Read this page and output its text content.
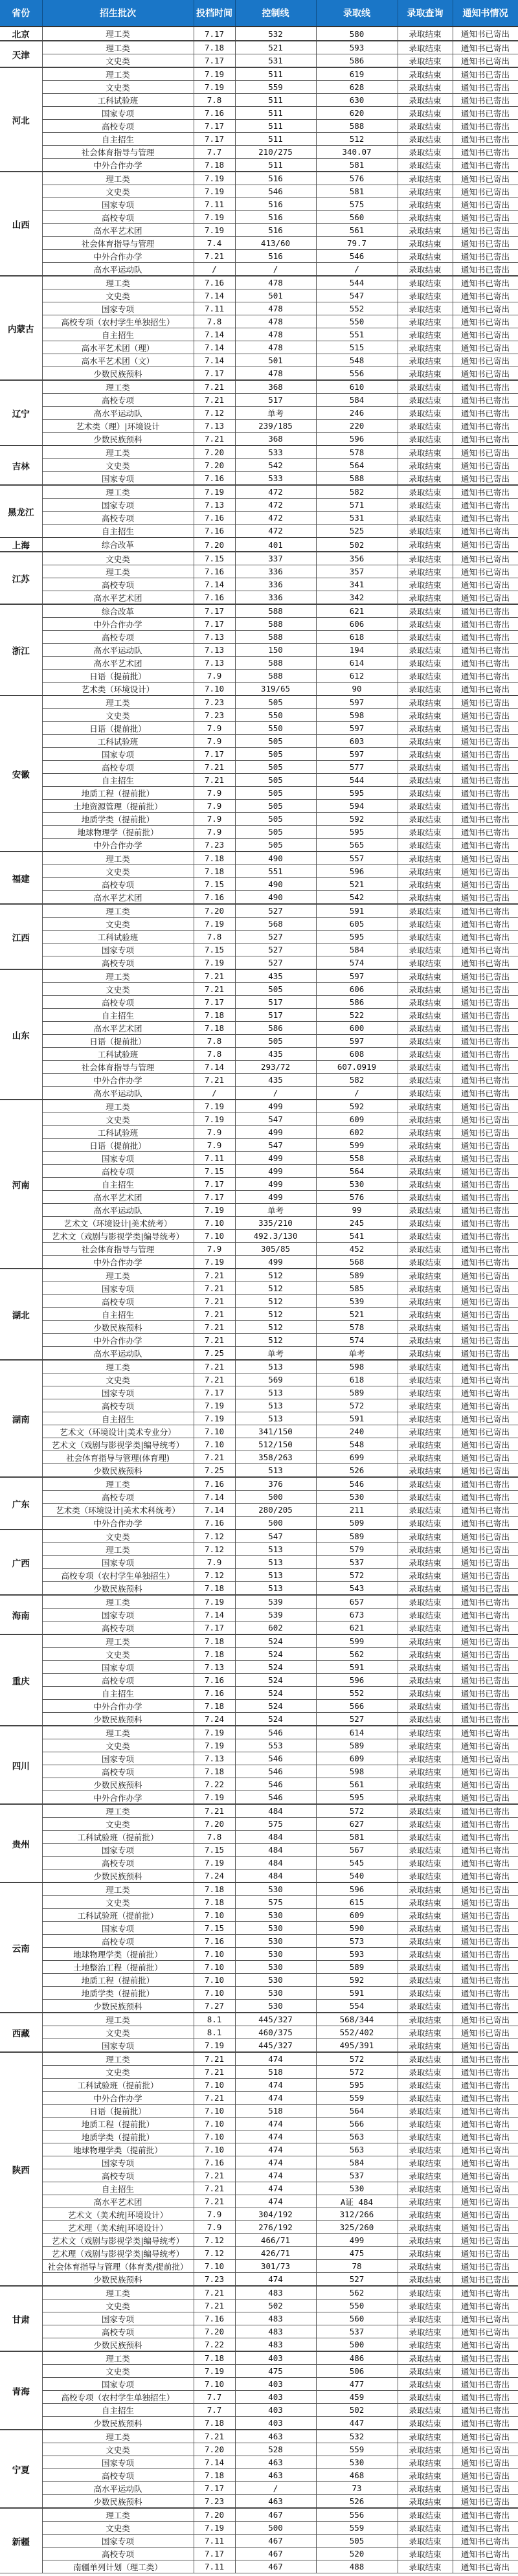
省份	招生批次	投档时间	控制线	录取线	录取查询	通知书情况
北京	理工类	7.17	532	580	录取结束	通知书已寄出
天津	理工类	7.18	521	593	录取结束	通知书已寄出
	文史类	7.17	531	586	录取结束	通知书已寄出
河北	理工类	7.19	511	619	录取结束	通知书已寄出
	文史类	7.19	559	628	录取结束	通知书已寄出
	工科试验班	7.8	511	630	录取结束	通知书已寄出
	国家专项	7.16	511	620	录取结束	通知书已寄出
	高校专项	7.17	511	588	录取结束	通知书已寄出
	自主招生	7.17	511	512	录取结束	通知书已寄出
	社会体育指导与管理	7.7	210/275	340.07	录取结束	通知书已寄出
	中外合作办学	7.18	511	581	录取结束	通知书已寄出
山西	理工类	7.19	516	576	录取结束	通知书已寄出
	文史类	7.19	546	581	录取结束	通知书已寄出
	国家专项	7.11	516	575	录取结束	通知书已寄出
	高校专项	7.19	516	560	录取结束	通知书已寄出
	高水平艺术团	7.19	516	561	录取结束	通知书已寄出
	社会体育指导与管理	7.4	413/60	79.7	录取结束	通知书已寄出
	中外合作办学	7.21	516	546	录取结束	通知书已寄出
	高水平运动队	/	/	/	录取结束	通知书已寄出
内蒙古	理工类	7.16	478	544	录取结束	通知书已寄出
	文史类	7.14	501	547	录取结束	通知书已寄出
	国家专项	7.11	478	552	录取结束	通知书已寄出
	高校专项（农村学生单独招生）	7.8	478	550	录取结束	通知书已寄出
	自主招生	7.14	478	551	录取结束	通知书已寄出
	高水平艺术团（理）	7.14	478	515	录取结束	通知书已寄出
	高水平艺术团（文）	7.14	501	548	录取结束	通知书已寄出
	少数民族预科	7.17	478	556	录取结束	通知书已寄出
辽宁	理工类	7.21	368	610	录取结束	通知书已寄出
	高校专项	7.21	517	584	录取结束	通知书已寄出
	高水平运动队	7.12	单考	246	录取结束	通知书已寄出
	艺术类（理）|环境设计	7.13	239/185	220	录取结束	通知书已寄出
	少数民族预科	7.21	368	596	录取结束	通知书已寄出
吉林	理工类	7.20	533	578	录取结束	通知书已寄出
	文史类	7.20	542	564	录取结束	通知书已寄出
	国家专项	7.16	533	588	录取结束	通知书已寄出
黑龙江	理工类	7.19	472	582	录取结束	通知书已寄出
	国家专项	7.13	472	571	录取结束	通知书已寄出
	高校专项	7.16	472	531	录取结束	通知书已寄出
	自主招生	7.16	472	525	录取结束	通知书已寄出
上海	综合改革	7.20	401	502	录取结束	通知书已寄出
江苏	文史类	7.15	337	356	录取结束	通知书已寄出
	理工类	7.16	336	357	录取结束	通知书已寄出
	高校专项	7.14	336	341	录取结束	通知书已寄出
	高水平艺术团	7.16	336	342	录取结束	通知书已寄出
浙江	综合改革	7.17	588	621	录取结束	通知书已寄出
	中外合作办学	7.17	588	606	录取结束	通知书已寄出
	高校专项	7.13	588	618	录取结束	通知书已寄出
	高水平运动队	7.13	150	194	录取结束	通知书已寄出
	高水平艺术团	7.13	588	614	录取结束	通知书已寄出
	日语（提前批）	7.9	588	612	录取结束	通知书已寄出
	艺术类（环境设计）	7.10	319/65	90	录取结束	通知书已寄出
安徽	理工类	7.23	505	597	录取结束	通知书已寄出
	文史类	7.23	550	598	录取结束	通知书已寄出
	日语（提前批）	7.9	550	597	录取结束	通知书已寄出
	工科试验班	7.9	505	603	录取结束	通知书已寄出
	国家专项	7.17	505	597	录取结束	通知书已寄出
	高校专项	7.21	505	577	录取结束	通知书已寄出
	自主招生	7.21	505	544	录取结束	通知书已寄出
	地质工程（提前批）	7.9	505	595	录取结束	通知书已寄出
	土地资源管理（提前批）	7.9	505	594	录取结束	通知书已寄出
	地质学类（提前批）	7.9	505	592	录取结束	通知书已寄出
	地球物理学（提前批）	7.9	505	595	录取结束	通知书已寄出
	中外合作办学	7.23	505	565	录取结束	通知书已寄出
福建	理工类	7.18	490	557	录取结束	通知书已寄出
	文史类	7.18	551	596	录取结束	通知书已寄出
	高校专项	7.15	490	521	录取结束	通知书已寄出
	高水平艺术团	7.16	490	542	录取结束	通知书已寄出
江西	理工类	7.20	527	591	录取结束	通知书已寄出
	文史类	7.19	568	605	录取结束	通知书已寄出
	工科试验班	7.8	527	595	录取结束	通知书已寄出
	国家专项	7.15	527	584	录取结束	通知书已寄出
	高校专项	7.19	527	574	录取结束	通知书已寄出
山东	理工类	7.21	435	597	录取结束	通知书已寄出
	文史类	7.21	505	606	录取结束	通知书已寄出
	高校专项	7.17	517	586	录取结束	通知书已寄出
	自主招生	7.18	517	522	录取结束	通知书已寄出
	高水平艺术团	7.18	586	600	录取结束	通知书已寄出
	日语（提前批）	7.8	505	597	录取结束	通知书已寄出
	工科试验班	7.8	435	608	录取结束	通知书已寄出
	社会体育指导与管理	7.14	293/72	607.0919	录取结束	通知书已寄出
	中外合作办学	7.21	435	582	录取结束	通知书已寄出
	高水平运动队	/	/	/	录取结束	通知书已寄出
河南	理工类	7.19	499	592	录取结束	通知书已寄出
	文史类	7.19	547	609	录取结束	通知书已寄出
	工科试验班	7.9	499	602	录取结束	通知书已寄出
	日语（提前批）	7.9	547	599	录取结束	通知书已寄出
	国家专项	7.11	499	558	录取结束	通知书已寄出
	高校专项	7.15	499	564	录取结束	通知书已寄出
	自主招生	7.17	499	530	录取结束	通知书已寄出
	高水平艺术团	7.17	499	576	录取结束	通知书已寄出
	高水平运动队	7.19	单考	99	录取结束	通知书已寄出
	艺术文（环境设计|美术统考）	7.10	335/210	245	录取结束	通知书已寄出
	艺术文（戏剧与影视学类|编导统考）	7.10	492.3/130	541	录取结束	通知书已寄出
	社会体育指导与管理	7.9	305/85	452	录取结束	通知书已寄出
	中外合作办学	7.19	499	568	录取结束	通知书已寄出
湖北	理工类	7.21	512	589	录取结束	通知书已寄出
	国家专项	7.21	512	585	录取结束	通知书已寄出
	高校专项	7.21	512	539	录取结束	通知书已寄出
	自主招生	7.21	512	521	录取结束	通知书已寄出
	少数民族预科	7.21	512	578	录取结束	通知书已寄出
	中外合作办学	7.21	512	574	录取结束	通知书已寄出
	高水平运动队	7.25	单考	单考	录取结束	通知书已寄出
湖南	理工类	7.21	513	598	录取结束	通知书已寄出
	文史类	7.21	569	618	录取结束	通知书已寄出
	国家专项	7.17	513	589	录取结束	通知书已寄出
	高校专项	7.19	513	572	录取结束	通知书已寄出
	自主招生	7.19	513	591	录取结束	通知书已寄出
	艺术文（环境设计|美术专业分）	7.10	341/150	240	录取结束	通知书已寄出
	艺术文（戏剧与影视学类|编导统考）	7.10	512/150	548	录取结束	通知书已寄出
	社会体育指导与管理(体育理)	7.21	358/263	699	录取结束	通知书已寄出
	少数民族预科	7.25	513	526	录取结束	通知书已寄出
广东	理工类	7.16	376	546	录取结束	通知书已寄出
	高校专项	7.14	500	530	录取结束	通知书已寄出
	艺术类（环境设计|美术术科统考）	7.14	280/205	211	录取结束	通知书已寄出
	中外合作办学	7.16	500	509	录取结束	通知书已寄出
广西	文史类	7.12	547	589	录取结束	通知书已寄出
	理工类	7.12	513	579	录取结束	通知书已寄出
	国家专项	7.9	513	537	录取结束	通知书已寄出
	高校专项（农村学生单独招生）	7.12	513	572	录取结束	通知书已寄出
	少数民族预科	7.18	513	543	录取结束	通知书已寄出
海南	理工类	7.19	539	657	录取结束	通知书已寄出
	国家专项	7.14	539	673	录取结束	通知书已寄出
	高校专项	7.17	602	621	录取结束	通知书已寄出
重庆	理工类	7.18	524	599	录取结束	通知书已寄出
	文史类	7.18	524	562	录取结束	通知书已寄出
	国家专项	7.13	524	591	录取结束	通知书已寄出
	高校专项	7.16	524	596	录取结束	通知书已寄出
	自主招生	7.16	524	552	录取结束	通知书已寄出
	中外合作办学	7.18	524	566	录取结束	通知书已寄出
	少数民族预科	7.24	524	527	录取结束	通知书已寄出
四川	理工类	7.19	546	614	录取结束	通知书已寄出
	文史类	7.19	553	589	录取结束	通知书已寄出
	国家专项	7.13	546	609	录取结束	通知书已寄出
	高校专项	7.18	546	598	录取结束	通知书已寄出
	少数民族预科	7.22	546	561	录取结束	通知书已寄出
	中外合作办学	7.19	546	595	录取结束	通知书已寄出
贵州	理工类	7.21	484	572	录取结束	通知书已寄出
	文史类	7.20	575	627	录取结束	通知书已寄出
	工科试验班（提前批）	7.8	484	581	录取结束	通知书已寄出
	国家专项	7.15	484	567	录取结束	通知书已寄出
	高校专项	7.19	484	545	录取结束	通知书已寄出
	少数民族预科	7.24	484	540	录取结束	通知书已寄出
云南	理工类	7.18	530	596	录取结束	通知书已寄出
	文史类	7.18	575	615	录取结束	通知书已寄出
	工科试验班（提前批）	7.10	530	609	录取结束	通知书已寄出
	国家专项	7.15	530	590	录取结束	通知书已寄出
	高校专项	7.16	530	573	录取结束	通知书已寄出
	地球物理学类（提前批）	7.10	530	593	录取结束	通知书已寄出
	土地整治工程（提前批）	7.10	530	589	录取结束	通知书已寄出
	地质工程（提前批）	7.10	530	592	录取结束	通知书已寄出
	地质学类（提前批）	7.10	530	591	录取结束	通知书已寄出
	少数民族预科	7.27	530	554	录取结束	通知书已寄出
西藏	理工类	8.1	445/327	568/344	录取结束	通知书已寄出
	文史类	8.1	460/375	552/402	录取结束	通知书已寄出
	国家专项	7.19	445/327	495/391	录取结束	通知书已寄出
陕西	理工类	7.21	474	572	录取结束	通知书已寄出
	文史类	7.21	518	572	录取结束	通知书已寄出
	工科试验班（提前批）	7.10	474	595	录取结束	通知书已寄出
	中外合作办学	7.21	474	559	录取结束	通知书已寄出
	日语（提前批）	7.10	518	564	录取结束	通知书已寄出
	地质工程（提前批）	7.10	474	566	录取结束	通知书已寄出
	地质学类（提前批）	7.10	474	563	录取结束	通知书已寄出
	地球物理学类（提前批）	7.10	474	563	录取结束	通知书已寄出
	国家专项	7.16	474	584	录取结束	通知书已寄出
	高校专项	7.21	474	537	录取结束	通知书已寄出
	自主招生	7.21	474	530	录取结束	通知书已寄出
	高水平艺术团	7.21	474	A证 484	录取结束	通知书已寄出
	艺术文（美术统|环境设计）	7.9	304/192	312/266	录取结束	通知书已寄出
	艺术理（美术统|环境设计）	7.9	276/192	325/260	录取结束	通知书已寄出
	艺术文（戏剧与影视学类|编导统考）	7.12	466/71	499	录取结束	通知书已寄出
	艺术理（戏剧与影视学类|编导统考）	7.12	426/71	475	录取结束	通知书已寄出
	社会体育指导与管理（体育类/提前批）	7.10	301/73	78	录取结束	通知书已寄出
	少数民族预科	7.23	474	527	录取结束	通知书已寄出
甘肃	理工类	7.21	483	562	录取结束	通知书已寄出
	文史类	7.21	502	550	录取结束	通知书已寄出
	国家专项	7.16	483	560	录取结束	通知书已寄出
	高校专项	7.20	483	537	录取结束	通知书已寄出
	少数民族预科	7.22	483	500	录取结束	通知书已寄出
青海	理工类	7.18	403	486	录取结束	通知书已寄出
	文史类	7.19	475	506	录取结束	通知书已寄出
	国家专项	7.10	403	477	录取结束	通知书已寄出
	高校专项（农村学生单独招生）	7.7	403	459	录取结束	通知书已寄出
	自主招生	7.7	403	502	录取结束	通知书已寄出
	少数民族预科	7.18	403	447	录取结束	通知书已寄出
宁夏	理工类	7.21	463	532	录取结束	通知书已寄出
	文史类	7.20	528	559	录取结束	通知书已寄出
	国家专项	7.14	463	530	录取结束	通知书已寄出
	高校专项	7.18	463	468	录取结束	通知书已寄出
	高水平运动队	7.17	/	73	录取结束	通知书已寄出
	少数民族预科	7.23	463	526	录取结束	通知书已寄出
新疆	理工类	7.20	467	556	录取结束	通知书已寄出
	文史类	7.19	500	559	录取结束	通知书已寄出
	国家专项	7.11	467	505	录取结束	通知书已寄出
	高校专项	7.17	467	520	录取结束	通知书已寄出
	南疆单列计划（理工类）	7.11	467	488	录取结束	通知书已寄出
